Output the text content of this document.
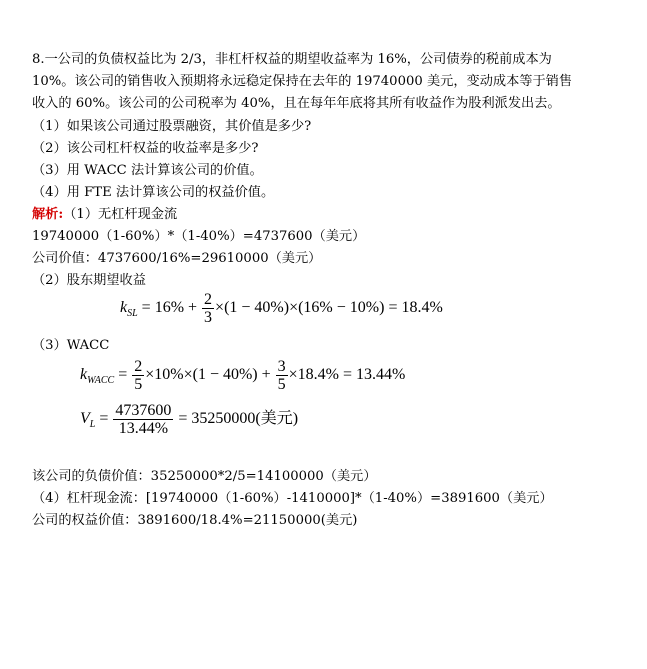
8.一公司的负债权益比为 2/3，非杠杆权益的期望收益率为 16%，公司债券的税前成本为
10%。该公司的销售收入预期将永远稳定保持在去年的 19740000 美元，变动成本等于销售
收入的 60%。该公司的公司税率为 40%，且在每年年底将其所有收益作为股利派发出去。
（1）如果该公司通过股票融资，其价值是多少?
（2）该公司杠杆权益的收益率是多少?
（3）用 WACC 法计算该公司的价值。
（4）用 FTE 法计算该公司的权益价值。
解析:（1）无杠杆现金流
19740000（1-60%）*（1-40%）=4737600（美元）
公司价值：4737600/16%=29610000（美元）
（2）股东期望收益
$k_{SL} = 16\% + \frac{2}{3} \times(1 - 40\%)\times(16\% - 10\%) = 18.4\%$
（3）WACC
$k_{WACC} = \frac{2}{5} \times 10\%\times(1 - 40\%) + \frac{3}{5} \times 18.4\% = 13.44\%$
$V_L = \frac{4737600}{13.44\%} = 35250000$(美元)
该公司的负债价值：35250000*2/5=14100000（美元）
（4）杠杆现金流：[19740000（1-60%）-1410000]*（1-40%）=3891600（美元）
公司的权益价值：3891600/18.4%=21150000(美元)
